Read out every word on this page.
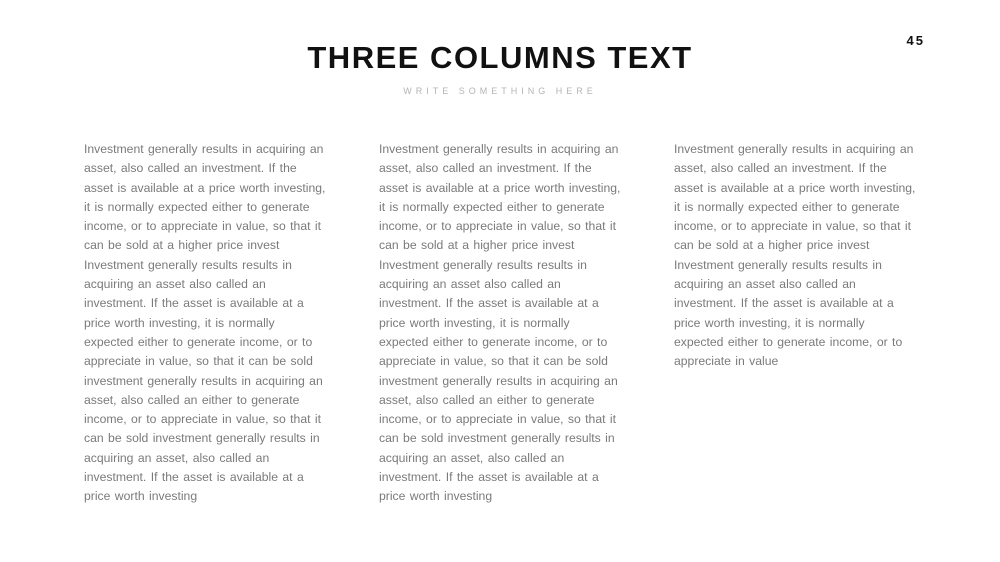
45
THREE COLUMNS TEXT
WRITE SOMETHING HERE
Investment generally results in acquiring an asset, also called an investment. If the asset is available at a price worth investing, it is normally expected either to generate income, or to appreciate in value, so that it can be sold at a higher price invest Investment generally results results in acquiring an asset also called an investment. If the asset is available at a price worth investing, it is normally expected either to generate income, or to appreciate in value, so that it can be sold investment generally results in acquiring an asset, also called an either to generate income, or to appreciate in value, so that it can be sold investment generally results in acquiring an asset, also called an investment. If the asset is available at a price worth investing
Investment generally results in acquiring an asset, also called an investment. If the asset is available at a price worth investing, it is normally expected either to generate income, or to appreciate in value, so that it can be sold at a higher price invest Investment generally results results in acquiring an asset also called an investment. If the asset is available at a price worth investing, it is normally expected either to generate income, or to appreciate in value, so that it can be sold investment generally results in acquiring an asset, also called an either to generate income, or to appreciate in value, so that it can be sold investment generally results in acquiring an asset, also called an investment. If the asset is available at a price worth investing
Investment generally results in acquiring an asset, also called an investment. If the asset is available at a price worth investing, it is normally expected either to generate income, or to appreciate in value, so that it can be sold at a higher price invest Investment generally results results in acquiring an asset also called an investment. If the asset is available at a price worth investing, it is normally expected either to generate income, or to appreciate in value
